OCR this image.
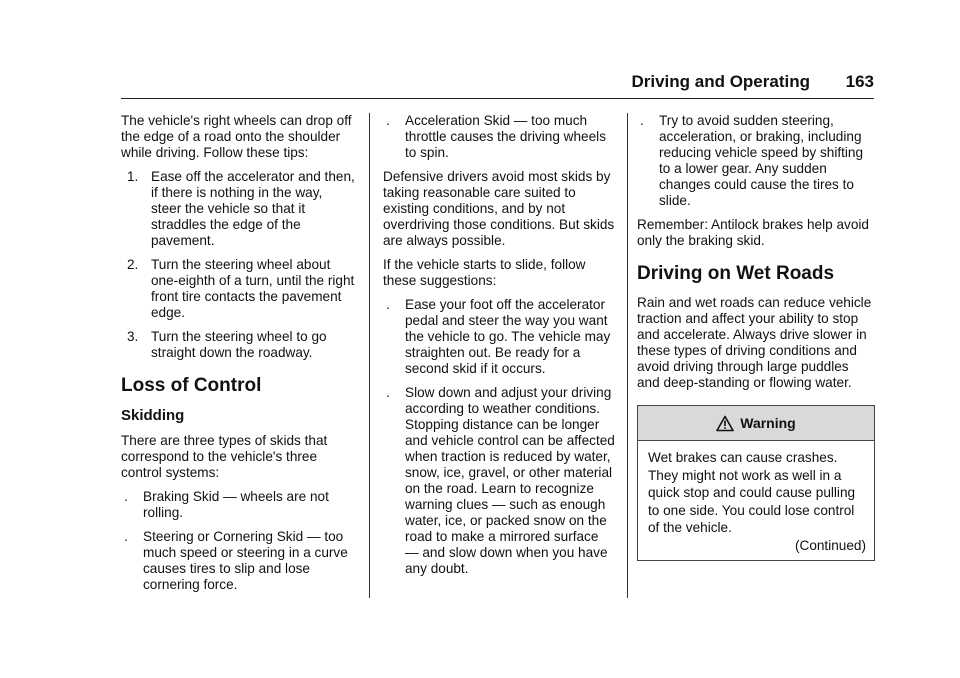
Driving and Operating 163

The vehicle's right wheels can drop off the edge of a road onto the shoulder while driving. Follow these tips:

1. Ease off the accelerator and then, if there is nothing in the way, steer the vehicle so that it straddles the edge of the pavement.
2. Turn the steering wheel about one-eighth of a turn, until the right front tire contacts the pavement edge.
3. Turn the steering wheel to go straight down the roadway.
Loss of Control
Skidding

There are three types of skids that correspond to the vehicle's three control systems:

. Braking Skid — wheels are not rolling.
. Steering or Cornering Skid — too much speed or steering in a curve causes tires to slip and lose cornering force.
. Acceleration Skid — too much throttle causes the driving wheels to spin.

Defensive drivers avoid most skids by taking reasonable care suited to existing conditions, and by not overdriving those conditions. But skids are always possible.

If the vehicle starts to slide, follow these suggestions:

. Ease your foot off the accelerator pedal and steer the way you want the vehicle to go. The vehicle may straighten out. Be ready for a second skid if it occurs.
. Slow down and adjust your driving according to weather conditions. Stopping distance can be longer and vehicle control can be affected when traction is reduced by water, snow, ice, gravel, or other material on the road. Learn to recognize warning clues — such as enough water, ice, or packed snow on the road to make a mirrored surface — and slow down when you have any doubt.
. Try to avoid sudden steering, acceleration, or braking, including reducing vehicle speed by shifting to a lower gear. Any sudden changes could cause the tires to slide.

Remember: Antilock brakes help avoid only the braking skid.

Driving on Wet Roads

Rain and wet roads can reduce vehicle traction and affect your ability to stop and accelerate. Always drive slower in these types of driving conditions and avoid driving through large puddles and deep-standing or flowing water.

Warning
Wet brakes can cause crashes. They might not work as well in a quick stop and could cause pulling to one side. You could lose control of the vehicle.
(Continued)
